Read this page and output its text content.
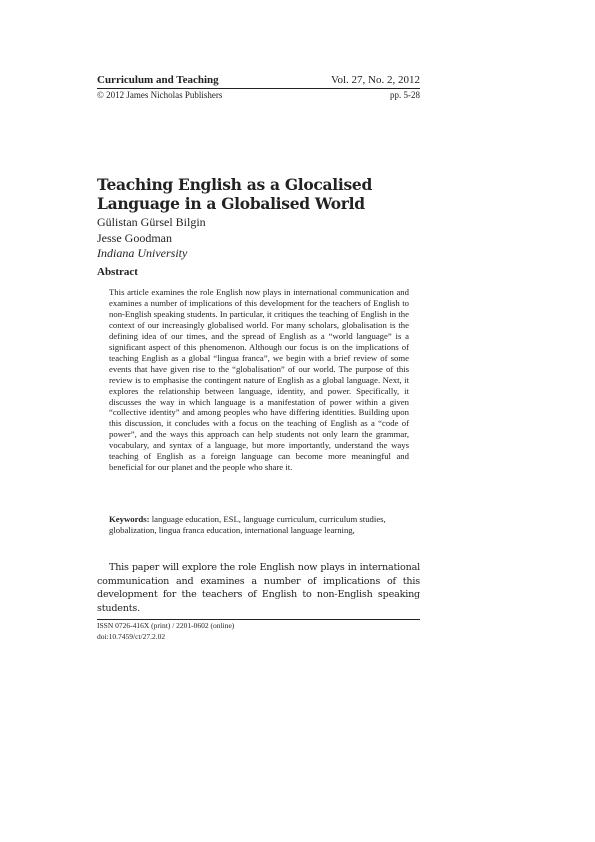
Curriculum and Teaching	Vol. 27, No. 2, 2012
© 2012 James Nicholas Publishers	pp. 5-28
Teaching English as a Glocalised Language in a Globalised World
Gülistan Gürsel Bilgin
Jesse Goodman
Indiana University
Abstract

This article examines the role English now plays in international communication and examines a number of implications of this development for the teachers of English to non-English speaking students. In particular, it critiques the teaching of English in the context of our increasingly globalised world. For many scholars, globalisation is the defining idea of our times, and the spread of English as a “world language” is a significant aspect of this phenomenon. Although our focus is on the implications of teaching English as a global “lingua franca”, we begin with a brief review of some events that have given rise to the “globalisation” of our world. The purpose of this review is to emphasise the contingent nature of English as a global language. Next, it explores the relationship between language, identity, and power. Specifically, it discusses the way in which language is a manifestation of power within a given “collective identity” and among peoples who have differing identities. Building upon this discussion, it concludes with a focus on the teaching of English as a “code of power”, and the ways this approach can help students not only learn the grammar, vocabulary, and syntax of a language, but more importantly, understand the ways teaching of English as a foreign language can become more meaningful and beneficial for our planet and the people who share it.

Keywords: language education, ESL, language curriculum, curriculum studies, globalization, lingua franca education, international language learning,

This paper will explore the role English now plays in international communication and examines a number of implications of this development for the teachers of English to non-English speaking students.

ISSN 0726-416X (print) / 2201-0602 (online)
doi:10.7459/ct/27.2.02
